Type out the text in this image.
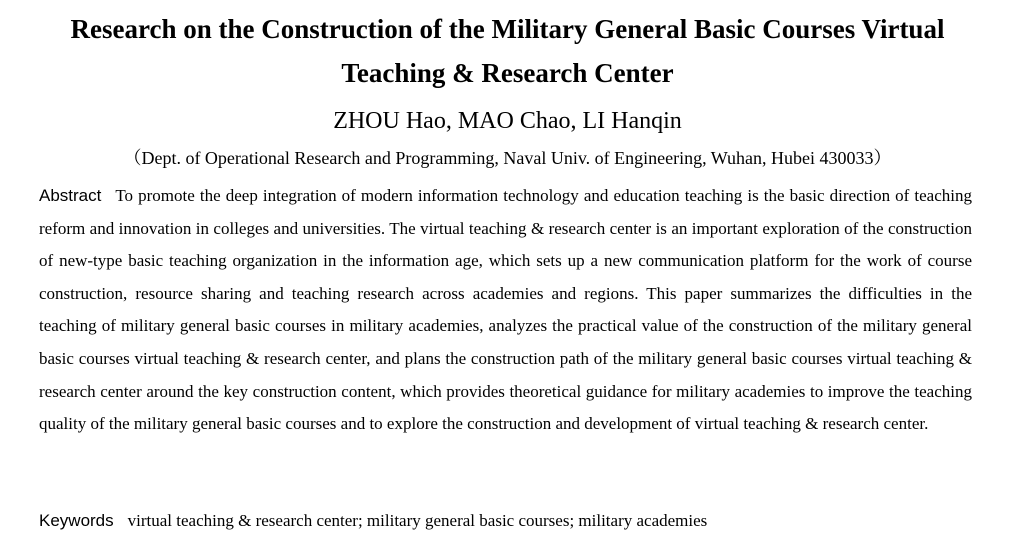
Research on the Construction of the Military General Basic Courses Virtual
Teaching & Research Center
ZHOU Hao, MAO Chao, LI Hanqin
（Dept. of Operational Research and Programming, Naval Univ. of Engineering, Wuhan, Hubei 430033）

Abstract To promote the deep integration of modern information technology and education teaching is the basic direction of teaching reform and innovation in colleges and universities. The virtual teaching & research center is an important exploration of the construction of new-type basic teaching organization in the information age, which sets up a new communication platform for the work of course construction, resource sharing and teaching research across academies and regions. This paper summarizes the difficulties in the teaching of military general basic courses in military academies, analyzes the practical value of the construction of the military general basic courses virtual teaching & research center, and plans the construction path of the military general basic courses virtual teaching & research center around the key construction content, which provides theoretical guidance for military academies to improve the teaching quality of the military general basic courses and to explore the construction and development of virtual teaching & research center.

Keywords virtual teaching & research center; military general basic courses; military academies
